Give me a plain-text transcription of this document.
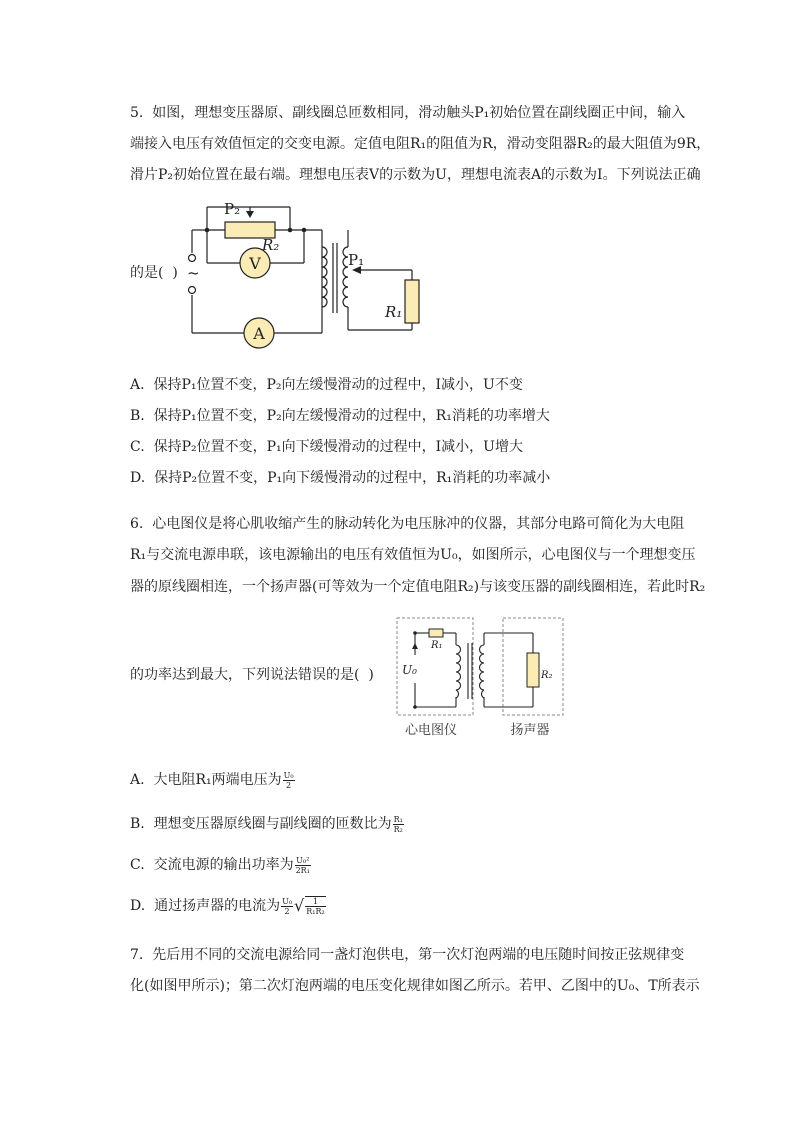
5.  如图，理想变压器原、副线圈总匝数相同，滑动触头P₁初始位置在副线圈正中间，输入
端接入电压有效值恒定的交变电源。定值电阻R₁的阻值为R，滑动变阻器R₂的最大阻值为9R，
滑片P₂初始位置在最右端。理想电压表V的示数为U，理想电流表A的示数为I。下列说法正确
的是(  )
P₂
R₂
V
A
P₁
R₁
~
A.  保持P₁位置不变，P₂向左缓慢滑动的过程中，I减小，U不变
B.  保持P₁位置不变，P₂向左缓慢滑动的过程中，R₁消耗的功率增大
C.  保持P₂位置不变，P₁向下缓慢滑动的过程中，I减小，U增大
D.  保持P₂位置不变，P₁向下缓慢滑动的过程中，R₁消耗的功率减小
6.  心电图仪是将心肌收缩产生的脉动转化为电压脉冲的仪器，其部分电路可简化为大电阻
R₁与交流电源串联，该电源输出的电压有效值恒为U₀，如图所示，心电图仪与一个理想变压
器的原线圈相连，一个扬声器(可等效为一个定值电阻R₂)与该变压器的副线圈相连，若此时R₂
的功率达到最大，下列说法错误的是(  )
R₁
U₀	R₂
心电图仪	扬声器
A.  大电阻R₁两端电压为 $\frac{\text{U₀}}{2}$
B.  理想变压器原线圈与副线圈的匝数比为 $\frac{\text{R₁}}{\text{R₂}}$
C.  交流电源的输出功率为 $\frac{\text{U₀²}}{\text{2R₁}}$
D.  通过扬声器的电流为 $\frac{\text{U₀}}{2}$ √ $\frac{1}{\text{R₁R₂}}$
7.  先后用不同的交流电源给同一盏灯泡供电，第一次灯泡两端的电压随时间按正弦规律变
化(如图甲所示)；第二次灯泡两端的电压变化规律如图乙所示。若甲、乙图中的U₀、T所表示
